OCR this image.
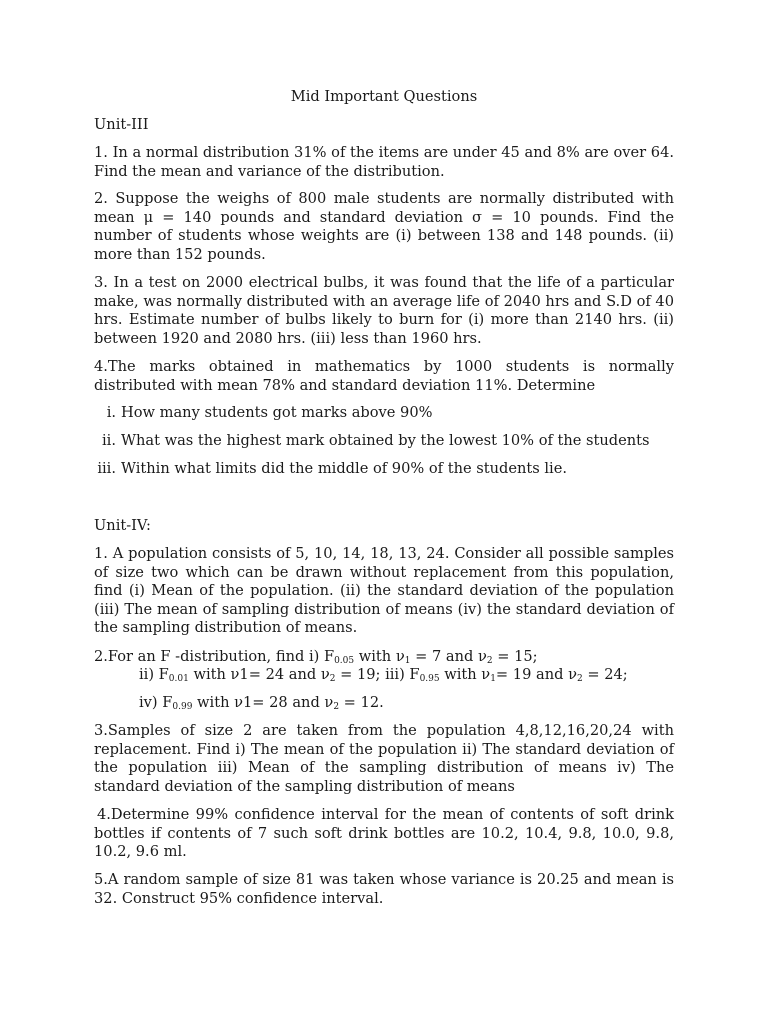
Mid Important Questions
Unit-III

1. In a normal distribution 31% of the items are under 45 and 8% are over 64. Find the mean and variance of the distribution.

2. Suppose the weighs of 800 male students are normally distributed with mean μ = 140 pounds and standard deviation σ = 10 pounds. Find the number of students whose weights are (i) between 138 and 148 pounds. (ii) more than 152 pounds.

3. In a test on 2000 electrical bulbs, it was found that the life of a particular make, was normally distributed with an average life of 2040 hrs and S.D of 40 hrs. Estimate number of bulbs likely to burn for (i) more than 2140 hrs. (ii) between 1920 and 2080 hrs. (iii) less than 1960 hrs.

4.The marks obtained in mathematics by 1000 students is normally distributed with mean 78% and standard deviation 11%. Determine

i. How many students got marks above 90%
ii. What was the highest mark obtained by the lowest 10% of the students
iii. Within what limits did the middle of 90% of the students lie.
Unit-IV:

1. A population consists of 5, 10, 14, 18, 13, 24. Consider all possible samples of size two which can be drawn without replacement from this population, find (i) Mean of the population. (ii) the standard deviation of the population (iii) The mean of sampling distribution of means (iv) the standard deviation of the sampling distribution of means.

2.For an F -distribution, find i) $F_{0.05}$ with $\nu_1 = 7$ and $\nu_2 = 15$;
ii) $F_{0.01}$ with ν1= 24 and $\nu_2 = 19$; iii) $F_{0.95}$ with $\nu_1= 19$ and $\nu_2 = 24$;
iv) $F_{0.99}$ with ν1= 28 and $\nu_2 = 12$.

3.Samples of size 2 are taken from the population 4,8,12,16,20,24 with replacement. Find i) The mean of the population ii) The standard deviation of the population iii) Mean of the sampling distribution of means iv) The standard deviation of the sampling distribution of means

4.Determine 99% confidence interval for the mean of contents of soft drink bottles if contents of 7 such soft drink bottles are 10.2, 10.4, 9.8, 10.0, 9.8, 10.2, 9.6 ml.

5.A random sample of size 81 was taken whose variance is 20.25 and mean is 32. Construct 95% confidence interval.
